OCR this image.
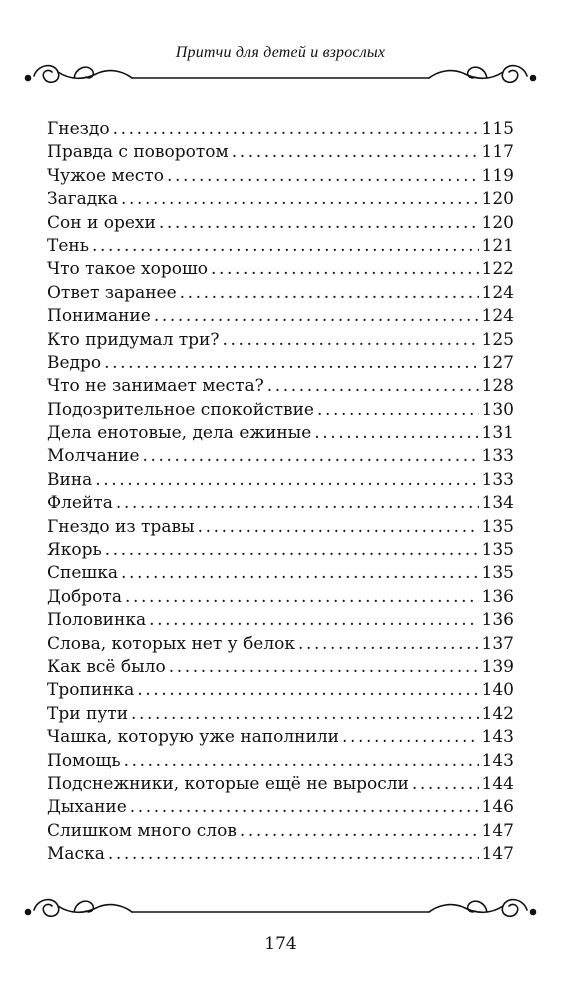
Притчи для детей и взрослых
Гнездо .....	115
Правда с поворотом .....	117
Чужое место .....	119
Загадка .....	120
Сон и орехи .....	120
Тень .....	121
Что такое хорошо .....	122
Ответ заранее .....	124
Понимание .....	124
Кто придумал три? .....	125
Ведро .....	127
Что не занимает места? .....	128
Подозрительное спокойствие .....	130
Дела енотовые, дела ежиные .....	131
Молчание .....	133
Вина .....	133
Флейта .....	134
Гнездо из травы .....	135
Якорь .....	135
Спешка .....	135
Доброта .....	136
Половинка .....	136
Слова, которых нет у белок .....	137
Как всё было .....	139
Тропинка .....	140
Три пути .....	142
Чашка, которую уже наполнили .....	143
Помощь .....	143
Подснежники, которые ещё не выросли .....	144
Дыхание .....	146
Слишком много слов .....	147
Маска .....	147
174
